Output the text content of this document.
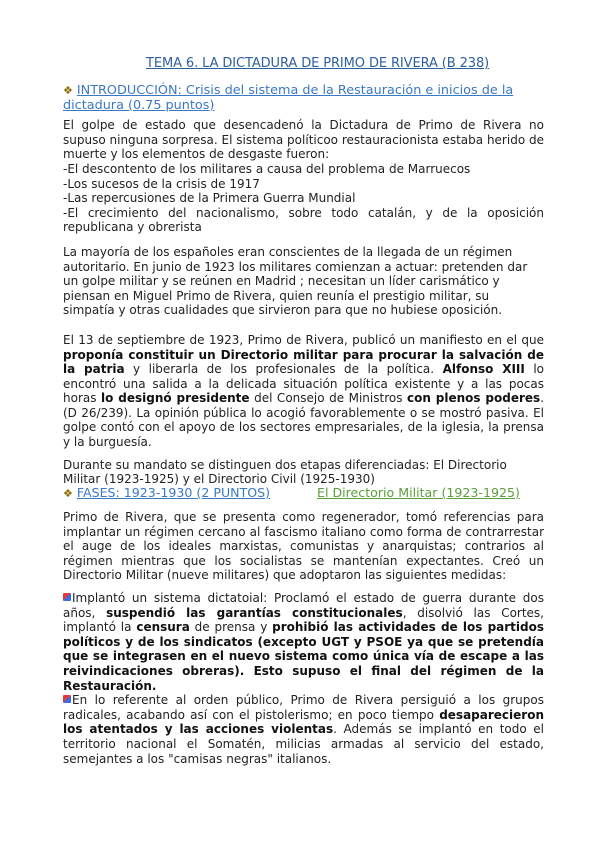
TEMA 6. LA DICTADURA DE PRIMO DE RIVERA (B 238)
❖ INTRODUCCIÓN: Crisis del sistema de la Restauración e inicios de la dictadura (0.75 puntos)

El golpe de estado que desencadenó la Dictadura de Primo de Rivera no supuso ninguna sorpresa. El sistema políticoo restauracionista estaba herido de muerte y los elementos de desgaste fueron:

-El descontento de los militares a causa del problema de Marruecos

-Los sucesos de la crisis de 1917

-Las repercusiones de la Primera Guerra Mundial

-El crecimiento del nacionalismo, sobre todo catalán, y de la oposición republicana y obrerista

La mayoría de los españoles eran conscientes de la llegada de un régimen autoritario. En junio de 1923 los militares comienzan a actuar: pretenden dar un golpe militar y se reúnen en Madrid ; necesitan un líder carismático y piensan en Miguel Primo de Rivera, quien reunía el prestigio militar, su simpatía y otras cualidades que sirvieron para que no hubiese oposición.

El 13 de septiembre de 1923, Primo de Rivera, publicó un manifiesto en el que proponía constituir un Directorio militar para procurar la salvación de la patria y liberarla de los profesionales de la política. Alfonso XIII lo encontró una salida a la delicada situación política existente y a las pocas horas lo designó presidente del Consejo de Ministros con plenos poderes. (D 26/239). La opinión pública lo acogió favorablemente o se mostró pasiva. El golpe contó con el apoyo de los sectores empresariales, de la iglesia, la prensa y la burguesía.

Durante su mandato se distinguen dos etapas diferenciadas: El Directorio Militar (1923-1925) y el Directorio Civil (1925-1930)

❖ FASES: 1923-1930 (2 PUNTOS)	El Directorio Militar (1923-1925)

Primo de Rivera, que se presenta como regenerador, tomó referencias para implantar un régimen cercano al fascismo italiano como forma de contrarrestar el auge de los ideales marxistas, comunistas y anarquistas; contrarios al régimen mientras que los socialistas se mantenían expectantes. Creó un Directorio Militar (nueve militares) que adoptaron las siguientes medidas:

Implantó un sistema dictatoial: Proclamó el estado de guerra durante dos años, suspendió las garantías constitucionales, disolvió las Cortes, implantó la censura de prensa y prohibió las actividades de los partidos políticos y de los sindicatos (excepto UGT y PSOE ya que se pretendía que se integrasen en el nuevo sistema como única vía de escape a las reivindicaciones obreras). Esto supuso el final del régimen de la Restauración.

En lo referente al orden público, Primo de Rivera persiguió a los grupos radicales, acabando así con el pistolerismo; en poco tiempo desaparecieron los atentados y las acciones violentas. Además se implantó en todo el territorio nacional el Somatén, milicias armadas al servicio del estado, semejantes a los "camisas negras" italianos.
